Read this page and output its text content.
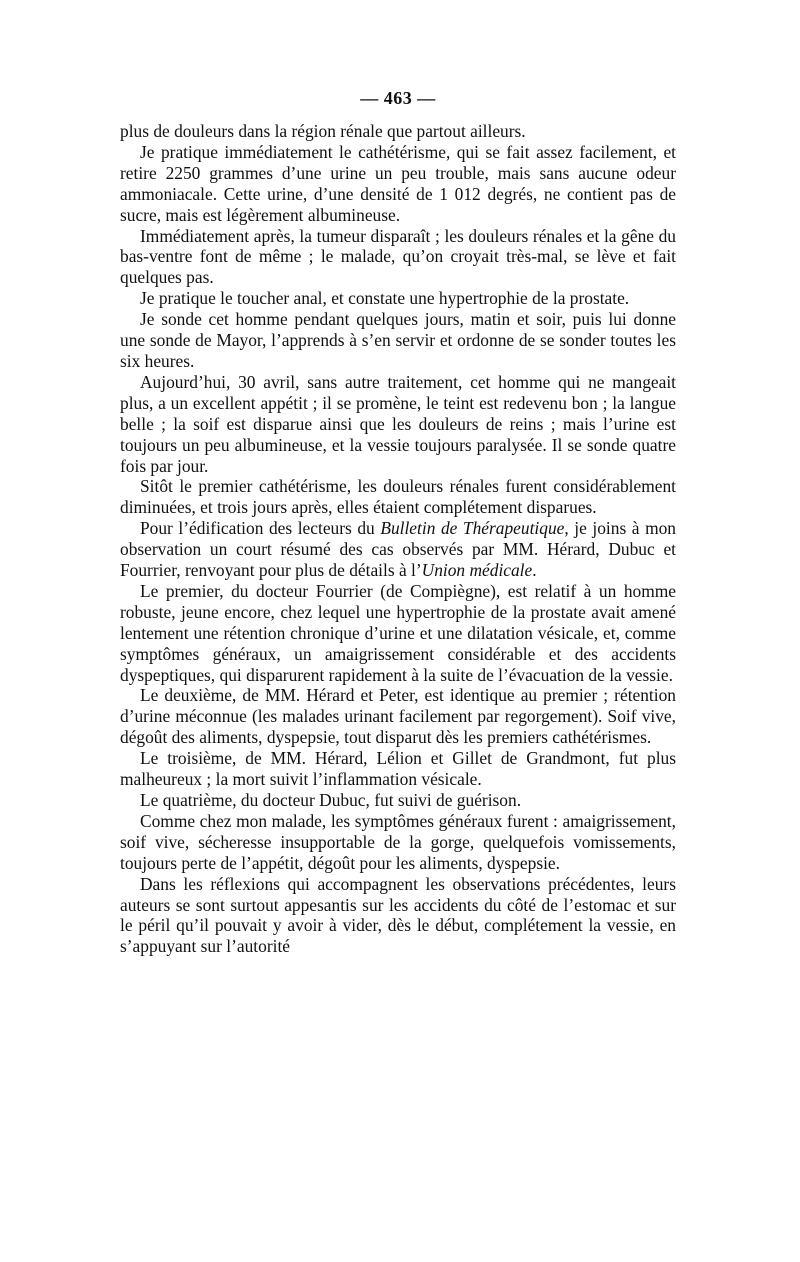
— 463 —

plus de douleurs dans la région rénale que partout ailleurs.

Je pratique immédiatement le cathétérisme, qui se fait assez facilement, et retire 2250 grammes d’une urine un peu trouble, mais sans aucune odeur ammoniacale. Cette urine, d’une densité de 1 012 degrés, ne contient pas de sucre, mais est légèrement albumineuse.

Immédiatement après, la tumeur disparaît ; les douleurs rénales et la gêne du bas-ventre font de même ; le malade, qu’on croyait très-mal, se lève et fait quelques pas.

Je pratique le toucher anal, et constate une hypertrophie de la prostate.

Je sonde cet homme pendant quelques jours, matin et soir, puis lui donne une sonde de Mayor, l’apprends à s’en servir et ordonne de se sonder toutes les six heures.

Aujourd’hui, 30 avril, sans autre traitement, cet homme qui ne mangeait plus, a un excellent appétit ; il se promène, le teint est redevenu bon ; la langue belle ; la soif est disparue ainsi que les douleurs de reins ; mais l’urine est toujours un peu albumineuse, et la vessie toujours paralysée. Il se sonde quatre fois par jour.

Sitôt le premier cathétérisme, les douleurs rénales furent considérablement diminuées, et trois jours après, elles étaient complétement disparues.

Pour l’édification des lecteurs du Bulletin de Thérapeutique, je joins à mon observation un court résumé des cas observés par MM. Hérard, Dubuc et Fourrier, renvoyant pour plus de détails à l’Union médicale.

Le premier, du docteur Fourrier (de Compiègne), est relatif à un homme robuste, jeune encore, chez lequel une hypertrophie de la prostate avait amené lentement une rétention chronique d’urine et une dilatation vésicale, et, comme symptômes généraux, un amaigrissement considérable et des accidents dyspeptiques, qui disparurent rapidement à la suite de l’évacuation de la vessie.

Le deuxième, de MM. Hérard et Peter, est identique au premier ; rétention d’urine méconnue (les malades urinant facilement par regorgement). Soif vive, dégoût des aliments, dyspepsie, tout disparut dès les premiers cathétérismes.

Le troisième, de MM. Hérard, Lélion et Gillet de Grandmont, fut plus malheureux ; la mort suivit l’inflammation vésicale.

Le quatrième, du docteur Dubuc, fut suivi de guérison.

Comme chez mon malade, les symptômes généraux furent : amaigrissement, soif vive, sécheresse insupportable de la gorge, quelquefois vomissements, toujours perte de l’appétit, dégoût pour les aliments, dyspepsie.

Dans les réflexions qui accompagnent les observations précédentes, leurs auteurs se sont surtout appesantis sur les accidents du côté de l’estomac et sur le péril qu’il pouvait y avoir à vider, dès le début, complétement la vessie, en s’appuyant sur l’autorité
